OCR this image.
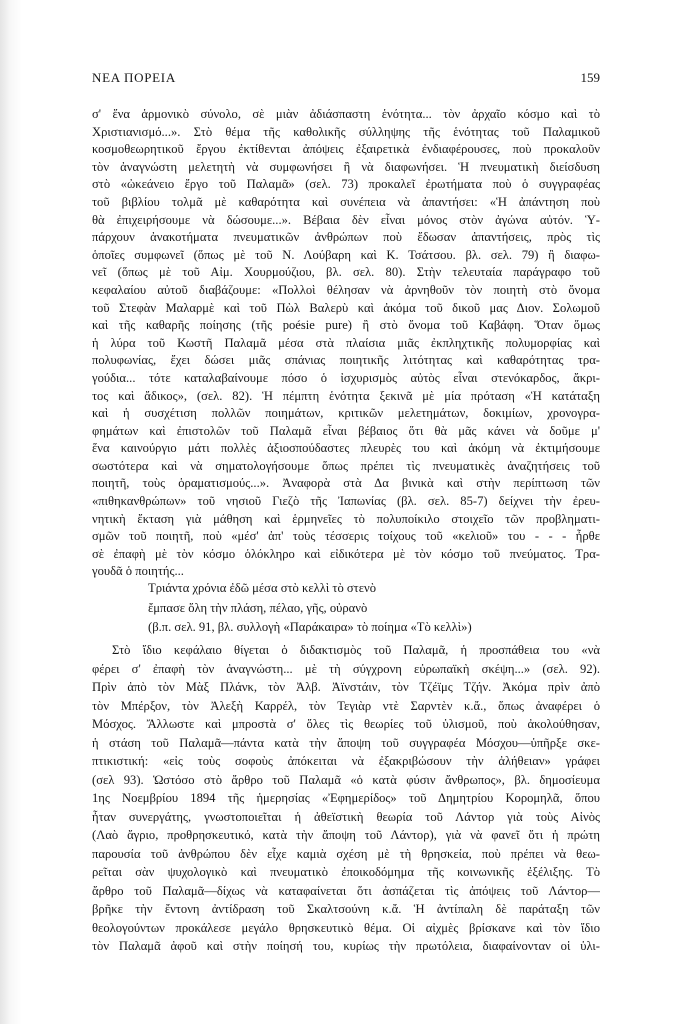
ΝΕΑ ΠΟΡΕΙΑ	159
σ' ἕνα ἁρμονικὸ σύνολο, σὲ μιὰν ἀδιάσπαστη ἑνότητα... τὸν ἀρχαῖο κόσμο καὶ τὸ
Χριστιανισμό...». Στὸ θέμα τῆς καθολικῆς σύλληψης τῆς ἑνότητας τοῦ Παλαμικοῦ
κοσμοθεωρητικοῦ ἔργου ἐκτίθενται ἀπόψεις ἐξαιρετικὰ ἐνδιαφέρουσες, ποὺ προκαλοῦν
τὸν ἀναγνώστη μελετητὴ νὰ συμφωνήσει ἢ νὰ διαφωνήσει. Ἡ πνευματικὴ διείσδυση
στὸ «ὠκεάνειο ἔργο τοῦ Παλαμᾶ» (σελ. 73) προκαλεῖ ἐρωτήματα ποὺ ὁ συγγραφέας
τοῦ βιβλίου τολμᾶ μὲ καθαρότητα καὶ συνέπεια νὰ ἀπαντήσει: «Ἡ ἀπάντηση ποὺ
θὰ ἐπιχειρήσουμε νὰ δώσουμε...». Βέβαια δὲν εἶναι μόνος στὸν ἀγώνα αὐτόν. Ὑ-
πάρχουν ἀνακοτήματα πνευματικῶν ἀνθρώπων ποὺ ἔδωσαν ἀπαντήσεις, πρὸς τὶς
ὁποῖες συμφωνεῖ (ὅπως μὲ τοῦ Ν. Λούβαρη καὶ Κ. Τσάτσου. βλ. σελ. 79) ἢ διαφω-
νεῖ (ὅπως μὲ τοῦ Αἰμ. Χουρμούζιου, βλ. σελ. 80). Στὴν τελευταία παράγραφο τοῦ
κεφαλαίου αὐτοῦ διαβάζουμε: «Πολλοὶ θέλησαν νὰ ἀρνηθοῦν τὸν ποιητὴ στὸ ὄνομα
τοῦ Στεφὰν Μαλαρμὲ καὶ τοῦ Πὼλ Βαλερὺ καὶ ἀκόμα τοῦ δικοῦ μας Διον. Σολωμοῦ
καὶ τῆς καθαρῆς ποίησης (τῆς poésie pure) ἢ στὸ ὄνομα τοῦ Καβάφη. Ὅταν ὅμως
ἡ λύρα τοῦ Κωστῆ Παλαμᾶ μέσα στὰ πλαίσια μιᾶς ἐκπληχτικῆς πολυμορφίας καὶ
πολυφωνίας, ἔχει δώσει μιᾶς σπάνιας ποιητικῆς λιτότητας καὶ καθαρότητας τρα-
γούδια... τότε καταλαβαίνουμε πόσο ὁ ἰσχυρισμὸς αὐτὸς εἶναι στενόκαρδος, ἄκρι-
τος καὶ ἄδικος», (σελ. 82). Ἡ πέμπτη ἑνότητα ξεκινᾶ μὲ μία πρόταση «Ἡ κατάταξη
καὶ ἡ συσχέτιση πολλῶν ποιημάτων, κριτικῶν μελετημάτων, δοκιμίων, χρονογρα-
φημάτων καὶ ἐπιστολῶν τοῦ Παλαμᾶ εἶναι βέβαιος ὅτι θὰ μᾶς κάνει νὰ δοῦμε μ'
ἕνα καινούργιο μάτι πολλὲς ἀξιοσπούδαστες πλευρὲς του καὶ ἀκόμη νὰ ἐκτιμήσουμε
σωστότερα καὶ νὰ σηματολογήσουμε ὅπως πρέπει τὶς πνευματικὲς ἀναζητήσεις τοῦ
ποιητῆ, τοὺς ὁραματισμούς...». Ἀναφορὰ στὰ Δα βινικὰ καὶ στὴν περίπτωση τῶν
«πιθηκανθρώπων» τοῦ νησιοῦ Γιεζὸ τῆς Ἰαπωνίας (βλ. σελ. 85-7) δείχνει τὴν ἐρευ-
νητικὴ ἔκταση γιὰ μάθηση καὶ ἑρμηνεῖες τὸ πολυποίκιλο στοιχεῖο τῶν προβληματι-
σμῶν τοῦ ποιητῆ, ποὺ «μέσ' ἀπ' τοὺς τέσσερις τοίχους τοῦ «κελιοῦ» του - - - ἦρθε
σὲ ἐπαφὴ μὲ τὸν κόσμο ὁλόκληρο καὶ εἰδικότερα μὲ τὸν κόσμο τοῦ πνεύματος. Τρα-
γουδᾶ ὁ ποιητής...
Τριάντα χρόνια ἐδῶ μέσα στὸ κελλὶ τὸ στενὸ
ἔμπασε ὅλη τὴν πλάση, πέλαο, γῆς, οὐρανὸ
(β.π. σελ. 91, βλ. συλλογὴ «Παράκαιρα» τὸ ποίημα «Τὸ κελλὶ»)
Στὸ ἴδιο κεφάλαιο θίγεται ὁ διδακτισμὸς τοῦ Παλαμᾶ, ἡ προσπάθεια του «νὰ
φέρει σ' ἐπαφὴ τὸν ἀναγνώστη... μὲ τὴ σύγχρονη εὐρωπαϊκὴ σκέψη...» (σελ. 92).
Πρὶν ἀπὸ τὸν Μὰξ Πλάνκ, τὸν Ἀλβ. Ἀϊνστάιν, τὸν Τζέϊμς Τζήν. Ἀκόμα πρὶν ἀπὸ
τὸν Μπέρξον, τὸν Ἀλεξὴ Καρρέλ, τὸν Τεγιὰρ ντὲ Σαρντὲν κ.ἄ., ὅπως ἀναφέρει ὁ
Μόσχος. Ἄλλωστε καὶ μπροστὰ σ' ὅλες τὶς θεωρίες τοῦ ὑλισμοῦ, ποὺ ἀκολούθησαν,
ἡ στάση τοῦ Παλαμᾶ—πάντα κατὰ τὴν ἄποψη τοῦ συγγραφέα Μόσχου—ὑπῆρξε σκε-
πτικιστική: «εἰς τοὺς σοφοὺς ἀπόκειται νὰ ἐξακριβώσουν τὴν ἀλήθειαν» γράφει
(σελ 93). Ὡστόσο στὸ ἄρθρο τοῦ Παλαμᾶ «ὁ κατὰ φύσιν ἄνθρωπος», βλ. δημοσίευμα
1ης Νοεμβρίου 1894 τῆς ἡμερησίας «Ἐφημερίδος» τοῦ Δημητρίου Κορομηλᾶ, ὅπου
ἦταν συνεργάτης, γνωστοποιεῖται ἡ ἀθεϊστικὴ θεωρία τοῦ Λάντορ γιὰ τοὺς Αἰνὸς
(Λαὸ ἄγριο, προθρησκευτικό, κατὰ τὴν ἄποψη τοῦ Λάντορ), γιὰ νὰ φανεῖ ὅτι ἡ πρώτη
παρουσία τοῦ ἀνθρώπου δὲν εἶχε καμιὰ σχέση μὲ τὴ θρησκεία, ποὺ πρέπει νὰ θεω-
ρεῖται σὰν ψυχολογικὸ καὶ πνευματικὸ ἐποικοδόμημα τῆς κοινωνικῆς ἐξέλιξης. Τὸ
ἄρθρο τοῦ Παλαμᾶ—δίχως νὰ καταφαίνεται ὅτι ἀσπάζεται τὶς ἀπόψεις τοῦ Λάντορ—
βρῆκε τὴν ἔντονη ἀντίδραση τοῦ Σκαλτσούνη κ.ἄ. Ἡ ἀντίπαλη δὲ παράταξη τῶν
θεολογούντων προκάλεσε μεγάλο θρησκευτικὸ θέμα. Οἱ αἰχμὲς βρίσκανε καὶ τὸν ἴδιο
τὸν Παλαμᾶ ἀφοῦ καὶ στὴν ποίησή του, κυρίως τὴν πρωτόλεια, διαφαίνονταν οἱ ὑλι-
